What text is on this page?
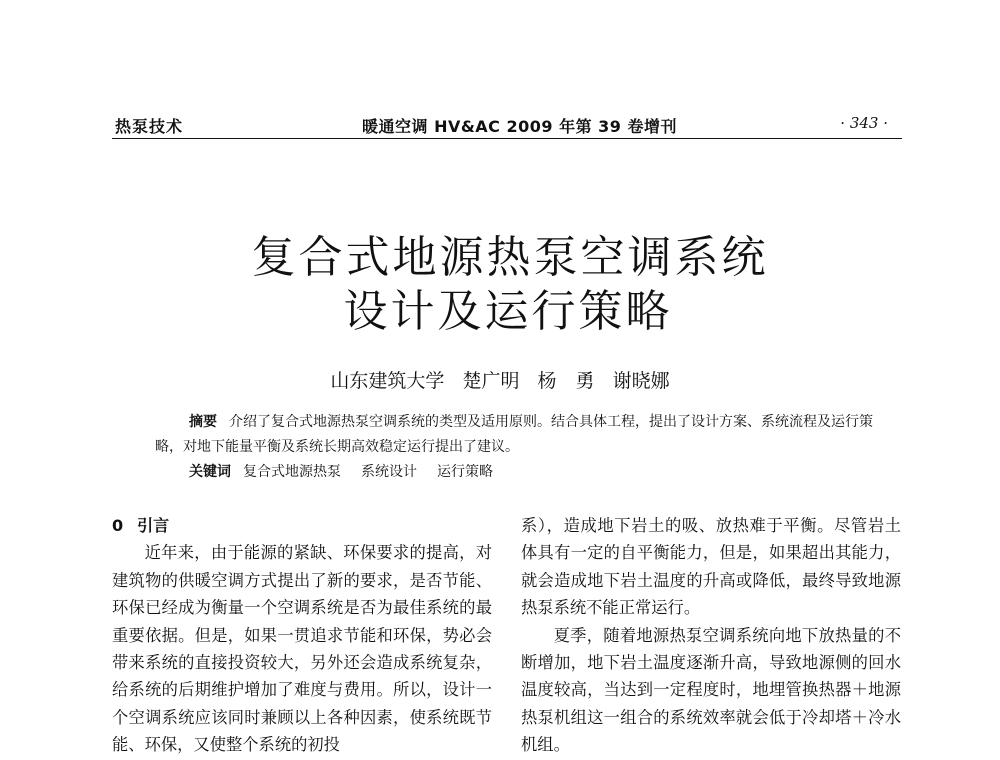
热泵技术	暖通空调 HV&AC 2009 年第 39 卷增刊	· 343 ·
复合式地源热泵空调系统
设计及运行策略
山东建筑大学 楚广明 杨　勇 谢晓娜

摘要 介绍了复合式地源热泵空调系统的类型及适用原则。结合具体工程，提出了设计方案、系统流程及运行策略，对地下能量平衡及系统长期高效稳定运行提出了建议。

关键词 复合式地源热泵 系统设计 运行策略

0 引言

近年来，由于能源的紧缺、环保要求的提高，对建筑物的供暖空调方式提出了新的要求，是否节能、环保已经成为衡量一个空调系统是否为最佳系统的最重要依据。但是，如果一贯追求节能和环保，势必会带来系统的直接投资较大，另外还会造成系统复杂，给系统的后期维护增加了难度与费用。所以，设计一个空调系统应该同时兼顾以上各种因素，使系统既节能、环保，又使整个系统的初投

系），造成地下岩土的吸、放热难于平衡。尽管岩土体具有一定的自平衡能力，但是，如果超出其能力，就会造成地下岩土温度的升高或降低，最终导致地源热泵系统不能正常运行。

夏季，随着地源热泵空调系统向地下放热量的不断增加，地下岩土温度逐渐升高，导致地源侧的回水温度较高，当达到一定程度时，地埋管换热器＋地源热泵机组这一组合的系统效率就会低于冷却塔＋冷水机组。
